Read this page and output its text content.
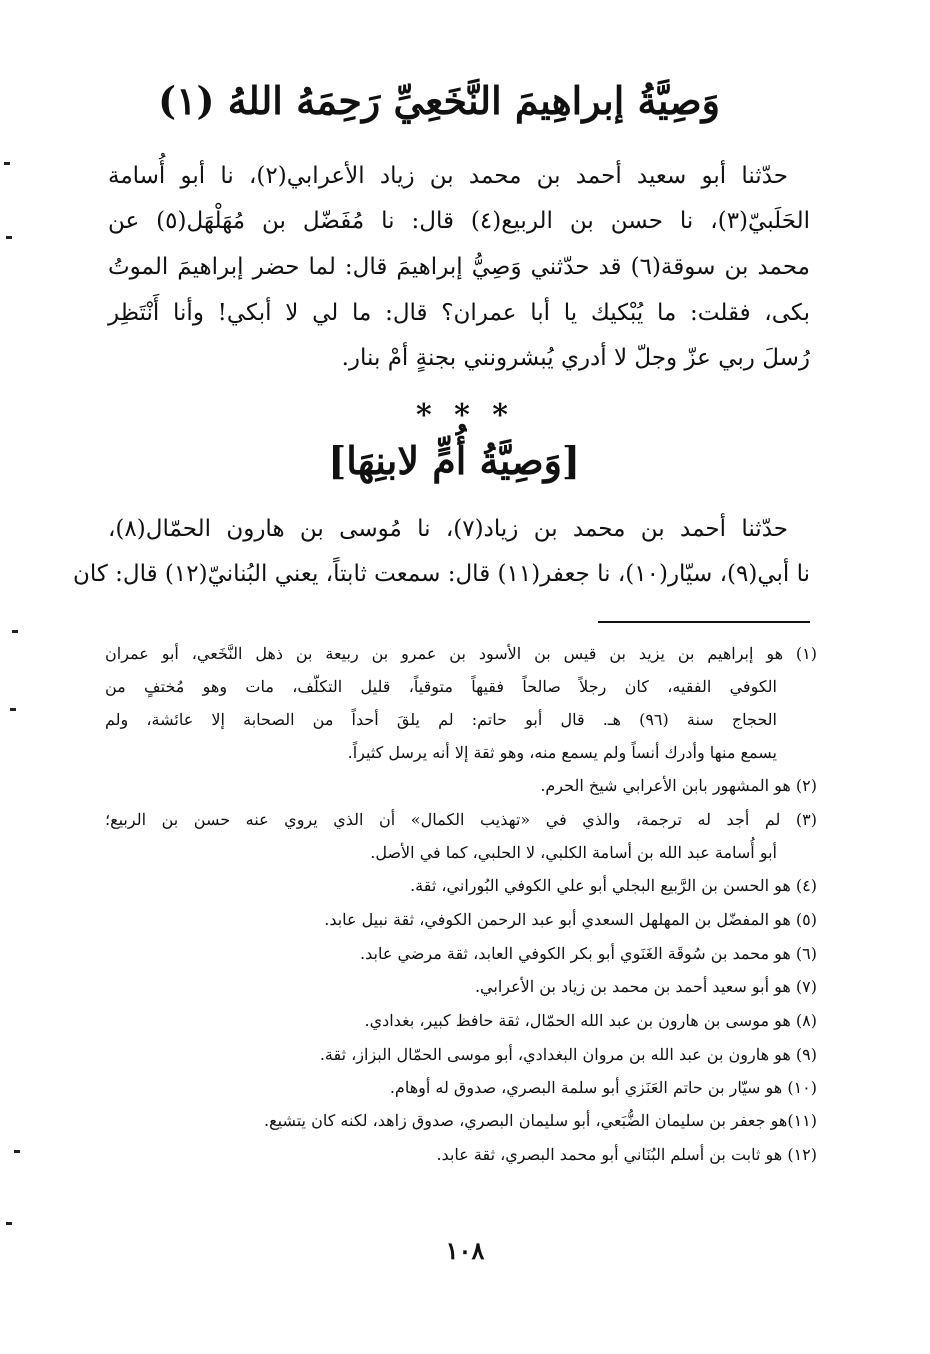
وَصِيَّةُ إبراهِيمَ النَّخَعِيِّ رَحِمَهُ اللهُ (١)
حدّثنا أبو سعيد أحمد بن محمد بن زياد الأعرابي(٢)، نا أبو أُسامة
الحَلَبيّ(٣)، نا حسن بن الربيع(٤) قال: نا مُفَضّل بن مُهَلْهَل(٥) عن
محمد بن سوقة(٦) قد حدّثني وَصِيُّ إبراهيمَ قال: لما حضر إبراهيمَ الموتُ
بكى، فقلت: ما يُبْكيك يا أبا عمران؟ قال: ما لي لا أبكي! وأنا أَنْتَظِر
رُسلَ ربي عزّ وجلّ لا أدري يُبشرونني بجنةٍ أمْ بنار.
* * *
[وَصِيَّةُ أُمٍّ لابنِهَا]
حدّثنا أحمد بن محمد بن زياد(٧)، نا مُوسى بن هارون الحمّال(٨)،
نا أبي(٩)، سيّار(١٠)، نا جعفر(١١) قال: سمعت ثابتاً، يعني البُنانيّ(١٢) قال: كان
(١) هو إبراهيم بن يزيد بن قيس بن الأسود بن عمرو بن ربيعة بن ذهل النَّخَعي، أبو عمران
الكوفي الفقيه، كان رجلاً صالحاً فقيهاً متوقياً، قليل التكلّف، مات وهو مُختفٍ من
الحجاج سنة (٩٦) هـ. قال أبو حاتم: لم يلقَ أحداً من الصحابة إلا عائشة، ولم
يسمع منها وأدرك أنساً ولم يسمع منه، وهو ثقة إلا أنه يرسل كثيراً.
(٢) هو المشهور بابن الأعرابي شيخ الحرم.
(٣) لم أجد له ترجمة، والذي في «تهذيب الكمال» أن الذي يروي عنه حسن بن الربيع؛
أبو أُسامة عبد الله بن أسامة الكلبي، لا الحلبي، كما في الأصل.
(٤) هو الحسن بن الرَّبيع البجلي أبو علي الكوفي البُوراني، ثقة.
(٥) هو المفضّل بن المهلهل السعدي أبو عبد الرحمن الكوفي، ثقة نبيل عابد.
(٦) هو محمد بن سُوقَة الغَنَوي أبو بكر الكوفي العابد، ثقة مرضي عابد.
(٧) هو أبو سعيد أحمد بن محمد بن زياد بن الأعرابي.
(٨) هو موسى بن هارون بن عبد الله الحمّال، ثقة حافظ كبير، بغدادي.
(٩) هو هارون بن عبد الله بن مروان البغدادي، أبو موسى الحمّال البزاز، ثقة.
(١٠) هو سيّار بن حاتم العَنَزي أبو سلمة البصري، صدوق له أوهام.
(١١)هو جعفر بن سليمان الضُّبَعي، أبو سليمان البصري، صدوق زاهد، لكنه كان يتشيع.
(١٢) هو ثابت بن أسلم البُنَاني أبو محمد البصري، ثقة عابد.
١٠٨
